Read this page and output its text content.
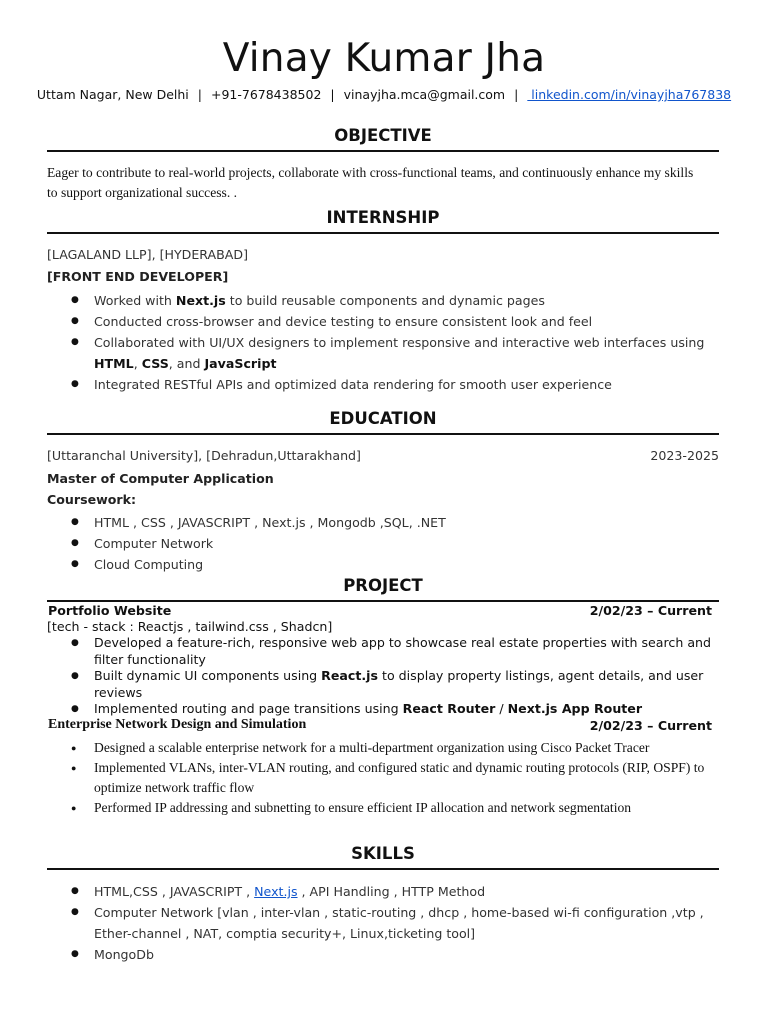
Vinay Kumar Jha
Uttam Nagar, New Delhi | +91-7678438502 | vinayjha.mca@gmail.com | linkedin.com/in/vinayjha767838
OBJECTIVE
Eager to contribute to real-world projects, collaborate with cross-functional teams, and continuously enhance my skills to support organizational success. .
INTERNSHIP
[LAGALAND LLP], [HYDERABAD]
[FRONT END DEVELOPER]
● Worked with Next.js to build reusable components and dynamic pages
● Conducted cross-browser and device testing to ensure consistent look and feel
● Collaborated with UI/UX designers to implement responsive and interactive web interfaces using HTML, CSS, and JavaScript
● Integrated RESTful APIs and optimized data rendering for smooth user experience
EDUCATION
[Uttaranchal University], [Dehradun,Uttarakhand]	2023-2025
Master of Computer Application
Coursework:
● HTML , CSS , JAVASCRIPT , Next.js , Mongodb ,SQL, .NET
● Computer Network
● Cloud Computing
PROJECT
Portfolio Website	2/02/23 – Current
[tech - stack : Reactjs , tailwind.css , Shadcn]
● Developed a feature-rich, responsive web app to showcase real estate properties with search and filter functionality
● Built dynamic UI components using React.js to display property listings, agent details, and user reviews
● Implemented routing and page transitions using React Router / Next.js App Router
Enterprise Network Design and Simulation	2/02/23 – Current
● Designed a scalable enterprise network for a multi-department organization using Cisco Packet Tracer
● Implemented VLANs, inter-VLAN routing, and configured static and dynamic routing protocols (RIP, OSPF) to optimize network traffic flow
● Performed IP addressing and subnetting to ensure efficient IP allocation and network segmentation
SKILLS
● HTML,CSS , JAVASCRIPT , Next.js , API Handling , HTTP Method
● Computer Network [vlan , inter-vlan , static-routing , dhcp , home-based wi-fi configuration ,vtp , Ether-channel , NAT, comptia security+, Linux,ticketing tool]
● MongoDb
